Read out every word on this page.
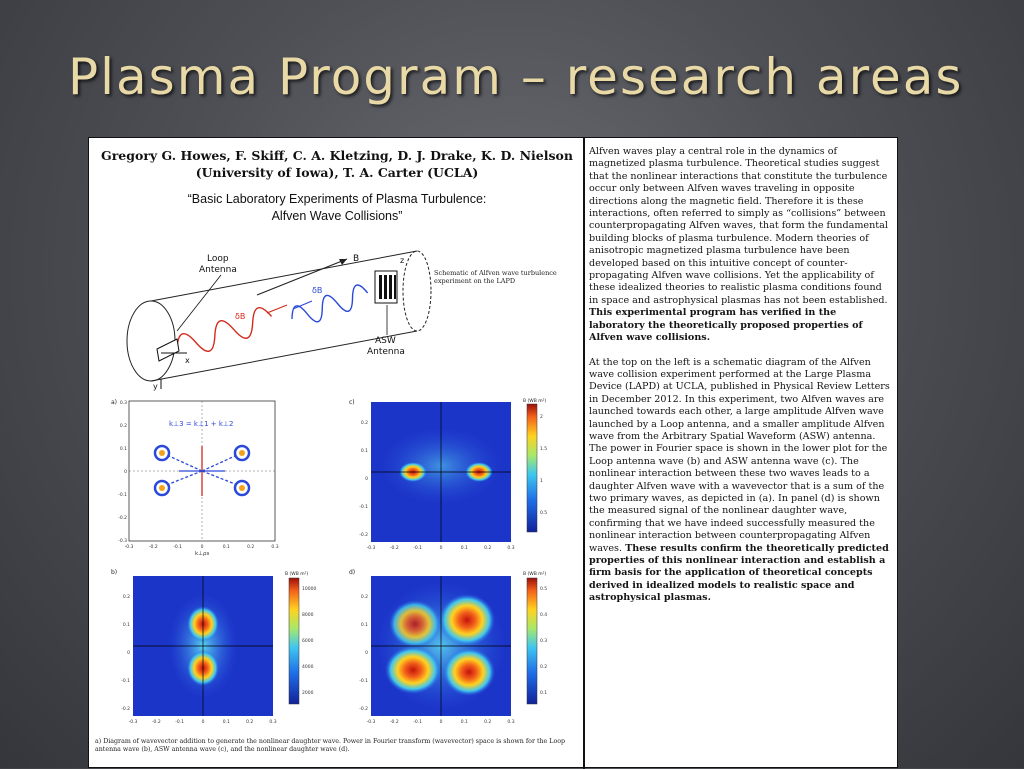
Plasma Program – research areas
Gregory G. Howes, F. Skiff, C. A. Kletzing, D. J. Drake, K. D. Nielson
(University of Iowa), T. A. Carter (UCLA)
“Basic Laboratory Experiments of Plasma Turbulence:
Alfven Wave Collisions”
B
δB
δB
Loop
Antenna
ASW
Antenna
y
x
z
Schematic of Alfven wave turbulence experiment on the LAPD
a)
k⊥3 = k⊥1 + k⊥2
-0.3	-0.2	-0.1	0	0.1	0.2	0.3
0.3
0.2
0.1
0
-0.1
-0.2
-0.3
k⊥ρs
b)	B (WB m²)
10000
8000
6000
4000
2000
-0.3	-0.2	-0.1	0	0.1	0.2	0.3
0.2
0.1
0
-0.1
-0.2
c)	B (WB m²)
2
1.5
1
0.5
-0.3	-0.2	-0.1	0	0.1	0.2	0.3
0.2
0.1
0
-0.1
-0.2
d)	B (WB m²)
0.5
0.4
0.3
0.2
0.1
-0.3	-0.2	-0.1	0	0.1	0.2	0.3
0.2
0.1
0
-0.1
-0.2
a) Diagram of wavevector addition to generate the nonlinear daughter wave. Power in Fourier transform (wavevector) space is shown for the Loop antenna wave (b), ASW antenna wave (c), and the nonlinear daughter wave (d).

Alfven waves play a central role in the dynamics of magnetized plasma turbulence. Theoretical studies suggest that the nonlinear interactions that constitute the turbulence occur only between Alfven waves traveling in opposite directions along the magnetic field. Therefore it is these interactions, often referred to simply as “collisions” between counterpropagating Alfven waves, that form the fundamental building blocks of plasma turbulence. Modern theories of anisotropic magnetized plasma turbulence have been developed based on this intuitive concept of counter-propagating Alfven wave collisions. Yet the applicability of these idealized theories to realistic plasma conditions found in space and astrophysical plasmas has not been established. This experimental program has verified in the laboratory the theoretically proposed properties of Alfven wave collisions.

At the top on the left is a schematic diagram of the Alfven wave collision experiment performed at the Large Plasma Device (LAPD) at UCLA, published in Physical Review Letters in December 2012. In this experiment, two Alfven waves are launched towards each other, a large amplitude Alfven wave launched by a Loop antenna, and a smaller amplitude Alfven wave from the Arbitrary Spatial Waveform (ASW) antenna. The power in Fourier space is shown in the lower plot for the Loop antenna wave (b) and ASW antenna wave (c). The nonlinear interaction between these two waves leads to a daughter Alfven wave with a wavevector that is a sum of the two primary waves, as depicted in (a). In panel (d) is shown the measured signal of the nonlinear daughter wave, confirming that we have indeed successfully measured the nonlinear interaction between counterpropagating Alfven waves. These results confirm the theoretically predicted properties of this nonlinear interaction and establish a firm basis for the application of theoretical concepts derived in idealized models to realistic space and astrophysical plasmas.
